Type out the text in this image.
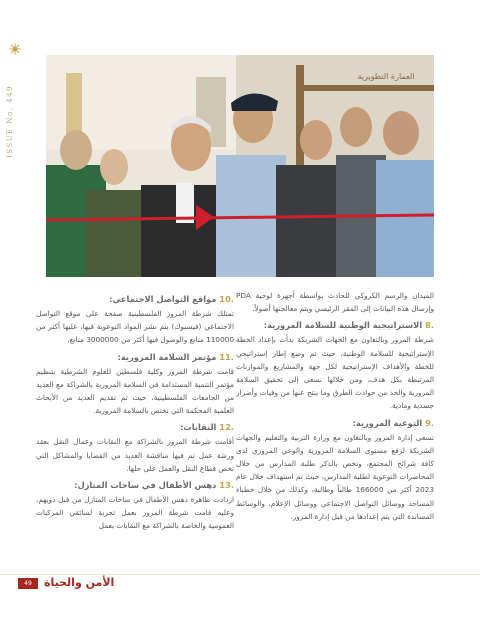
ISSUE No. 449
العمارة التطويرية

الميدان والرسم الكروكي للحادث بواسطة أجهزة لوحية PDA وإرسال هذه البيانات إلى المقر الرئيسي ويتم معالجتها أصولاً.

.8 الاستراتيجية الوطنية للسلامة المرورية:

شرطة المرور وبالتعاون مع الجهات الشريكة بدأت بإعداد الخطة الإستراتيجية للسلامة الوطنية، حيث تم وضع إطار إستراتيجي للخطة والأهداف الإستراتيجية لكل جهة والمشاريع والموازنات المرتبطة بكل هدف، ومن خلالها نسعى إلى تحقيق السلامة المرورية والحد من حوادث الطرق وما ينتج عنها من وفيات وأضرار جسدية ومادية.

.9 التوعية المرورية:

تسعى إدارة المرور وبالتعاون مع وزارة التربية والتعليم والجهات الشريكة لرفع مستوى السلامة المرورية والوعي المروري لدى كافة شرائح المجتمع، وتخص بالذكر طلبة المدارس من خلال المحاضرات التوعوية لطلبة المدارس، حيث تم استهداف خلال عام 2023 أكثر من 166000 طالباً وطالبة، وكذلك من خلال خطباء المساجد ووسائل التواصل الاجتماعي ووسائل الإعلام، والوسائط المساندة التي يتم إعدادها من قبل إدارة المرور.

.10 مواقع التواصل الاجتماعي:

تمتلك شرطة المرور الفلسطينية صفحة على موقع التواصل الاجتماعي (فيسبوك) يتم نشر المواد التوعوية فيها، عليها أكثر من 110000 متابع والوصول فيها أكثر من 3000000 متابع.

.11 مؤتمر السلامة المرورية:

قامت شرطة المرور وكلية فلسطين للعلوم الشرطية بتنظيم مؤتمر التنمية المستدامة في السلامة المرورية بالشراكة مع العديد من الجامعات الفلسطينية، حيث تم تقديم العديد من الأبحاث العلمية المحكمة التي تختص بالسلامة المرورية.

.12 النقابات:

أقامت شرطة المرور بالشراكة مع النقابات وعمال النقل بعقد ورشة عمل تم فيها مناقشة العديد من القضايا والمشاكل التي تخص قطاع النقل والعمل على حلها.

.13 دهس الأطفال في ساحات المنازل:

ازدادت ظاهرة دهس الأطفال في ساحات المنازل من قبل ذويهم، وعليه قامت شرطة المرور بعمل تجربة لسائقي المركبات العمومية والخاصة بالشراكة مع النقابات بعمل

49	الأمن والحياة
